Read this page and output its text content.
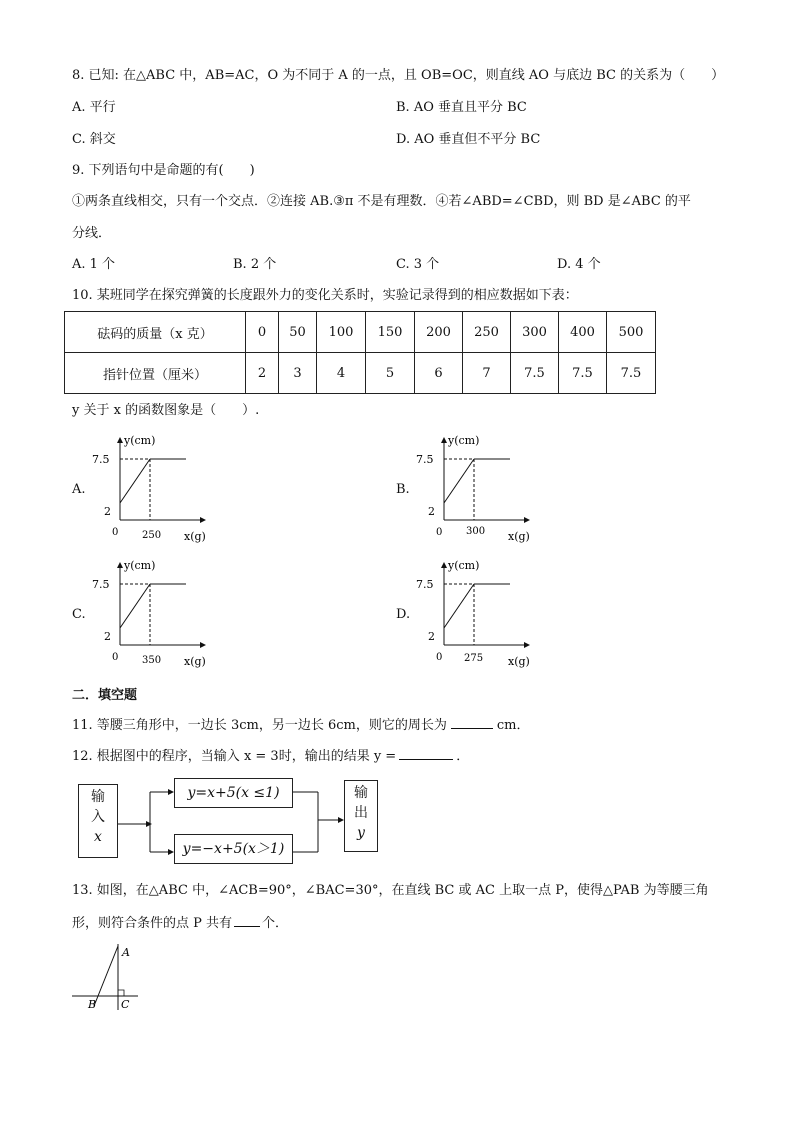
8. 已知: 在△ABC 中，AB=AC，O 为不同于 A 的一点，且 OB=OC，则直线 AO 与底边 BC 的关系为（　　）
A. 平行	B. AO 垂直且平分 BC
C. 斜交	D. AO 垂直但不平分 BC
9. 下列语句中是命题的有(　　)
①两条直线相交，只有一个交点．②连接 AB.③π 不是有理数．④若∠ABD=∠CBD，则 BD 是∠ABC 的平
分线．
A. 1 个	B. 2 个	C. 3 个	D. 4 个
10. 某班同学在探究弹簧的长度跟外力的变化关系时，实验记录得到的相应数据如下表：
砝码的质量（x 克）	0	50	100	150	200	250	300	400	500
指针位置（厘米）	2	3	4	5	6	7	7.5	7.5	7.5
y 关于 x 的函数图象是（　　）.
A.
y(cm)
7.5
2
0 250 x(g)
B.
y(cm)
7.5
2
0 300 x(g)
C.
y(cm)
7.5
2
0 350 x(g)
D.
y(cm)
7.5
2
0 275 x(g)
二．填空题
11. 等腰三角形中，一边长 3cm，另一边长 6cm，则它的周长为	cm．
12. 根据图中的程序，当输入 x = 3时，输出的结果 y =	．
输
入
x
y=x+5(x ≤1)
y=−x+5(x＞1)
输
出
y
13. 如图，在△ABC 中，∠ACB=90°，∠BAC=30°，在直线 BC 或 AC 上取一点 P，使得△PAB 为等腰三角
形，则符合条件的点 P 共有 个．
A
B C
